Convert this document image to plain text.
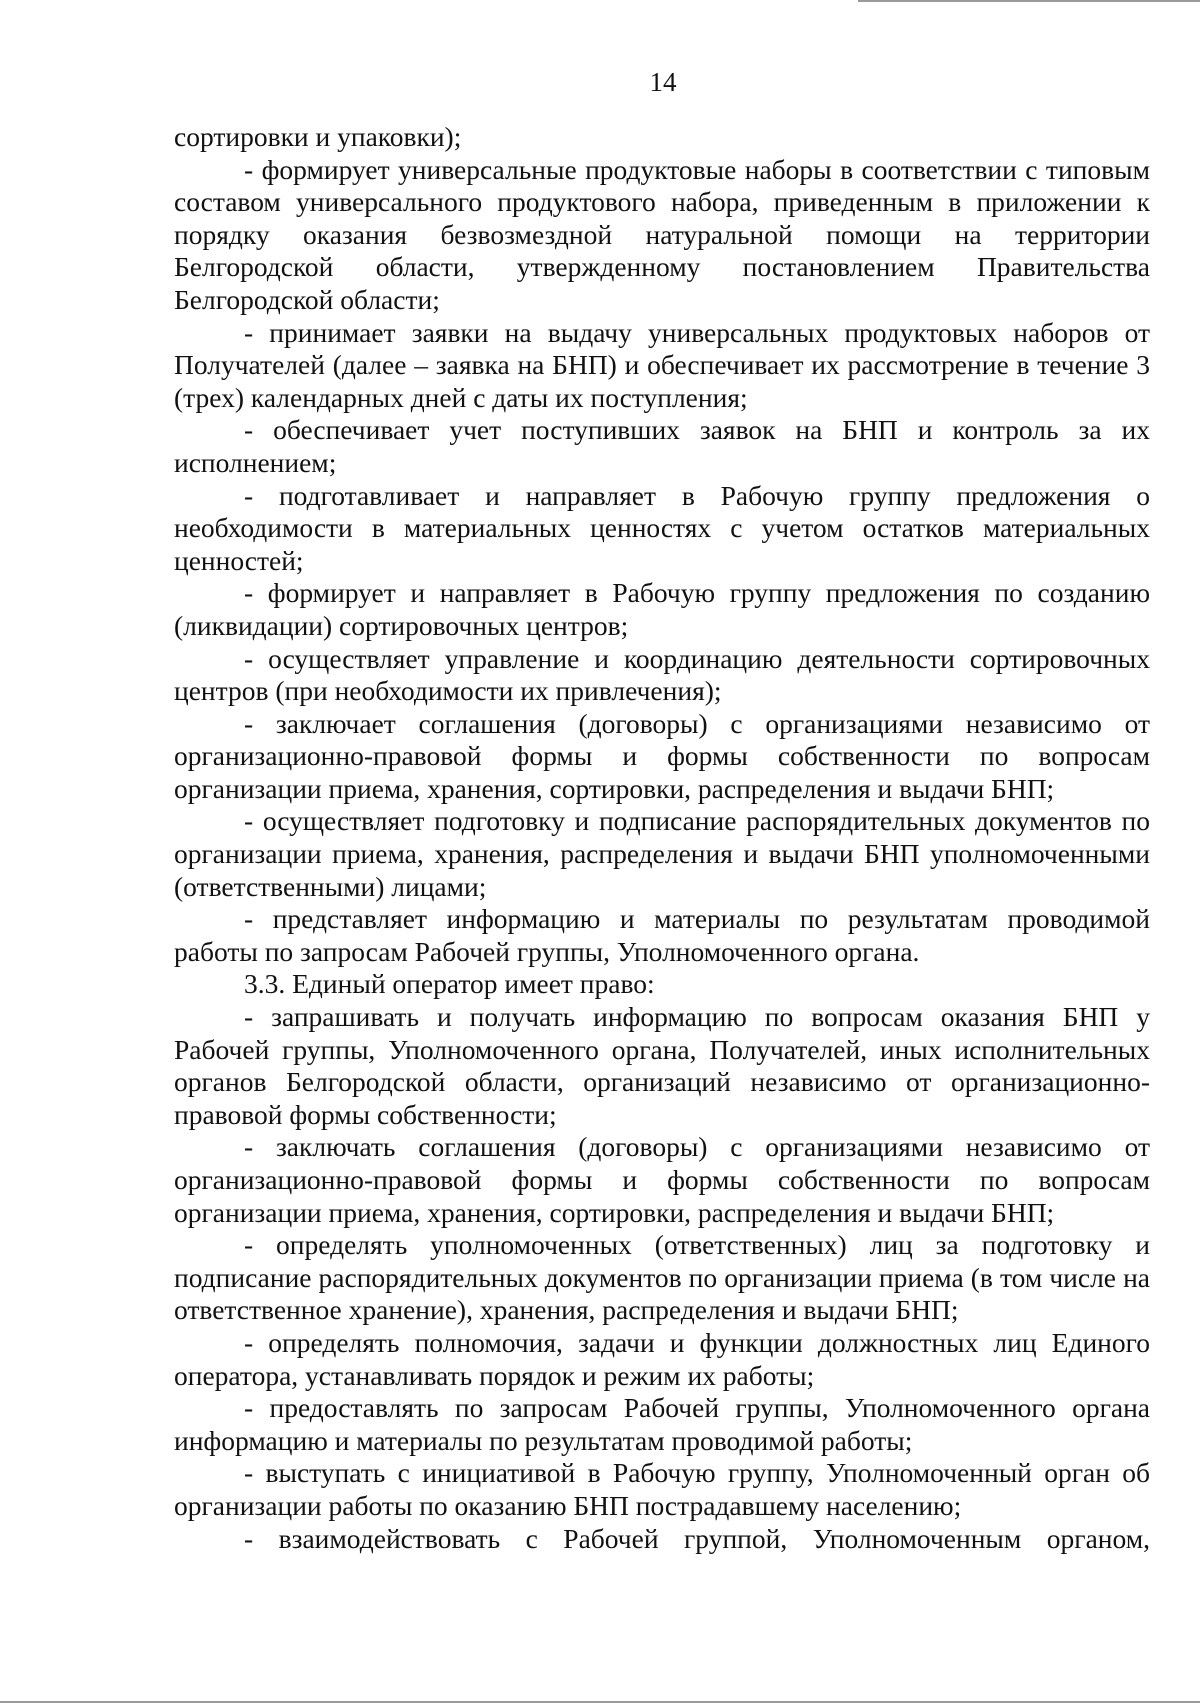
14

сортировки и упаковки);

- формирует универсальные продуктовые наборы в соответствии с типовым составом универсального продуктового набора, приведенным в приложении к порядку оказания безвозмездной натуральной помощи на территории Белгородской области, утвержденному постановлением Правительства Белгородской области;

- принимает заявки на выдачу универсальных продуктовых наборов от Получателей (далее – заявка на БНП) и обеспечивает их рассмотрение в течение 3 (трех) календарных дней с даты их поступления;

- обеспечивает учет поступивших заявок на БНП и контроль за их исполнением;

- подготавливает и направляет в Рабочую группу предложения о необходимости в материальных ценностях с учетом остатков материальных ценностей;

- формирует и направляет в Рабочую группу предложения по созданию (ликвидации) сортировочных центров;

- осуществляет управление и координацию деятельности сортировочных центров (при необходимости их привлечения);

- заключает соглашения (договоры) с организациями независимо от организационно-правовой формы и формы собственности по вопросам организации приема, хранения, сортировки, распределения и выдачи БНП;

- осуществляет подготовку и подписание распорядительных документов по организации приема, хранения, распределения и выдачи БНП уполномоченными (ответственными) лицами;

- представляет информацию и материалы по результатам проводимой работы по запросам Рабочей группы, Уполномоченного органа.

3.3. Единый оператор имеет право:

- запрашивать и получать информацию по вопросам оказания БНП у Рабочей группы, Уполномоченного органа, Получателей, иных исполнительных органов Белгородской области, организаций независимо от организационно-правовой формы собственности;

- заключать соглашения (договоры) с организациями независимо от организационно-правовой формы и формы собственности по вопросам организации приема, хранения, сортировки, распределения и выдачи БНП;

- определять уполномоченных (ответственных) лиц за подготовку и подписание распорядительных документов по организации приема (в том числе на ответственное хранение), хранения, распределения и выдачи БНП;

- определять полномочия, задачи и функции должностных лиц Единого оператора, устанавливать порядок и режим их работы;

- предоставлять по запросам Рабочей группы, Уполномоченного органа информацию и материалы по результатам проводимой работы;

- выступать с инициативой в Рабочую группу, Уполномоченный орган об организации работы по оказанию БНП пострадавшему населению;

- взаимодействовать с Рабочей группой, Уполномоченным органом,
